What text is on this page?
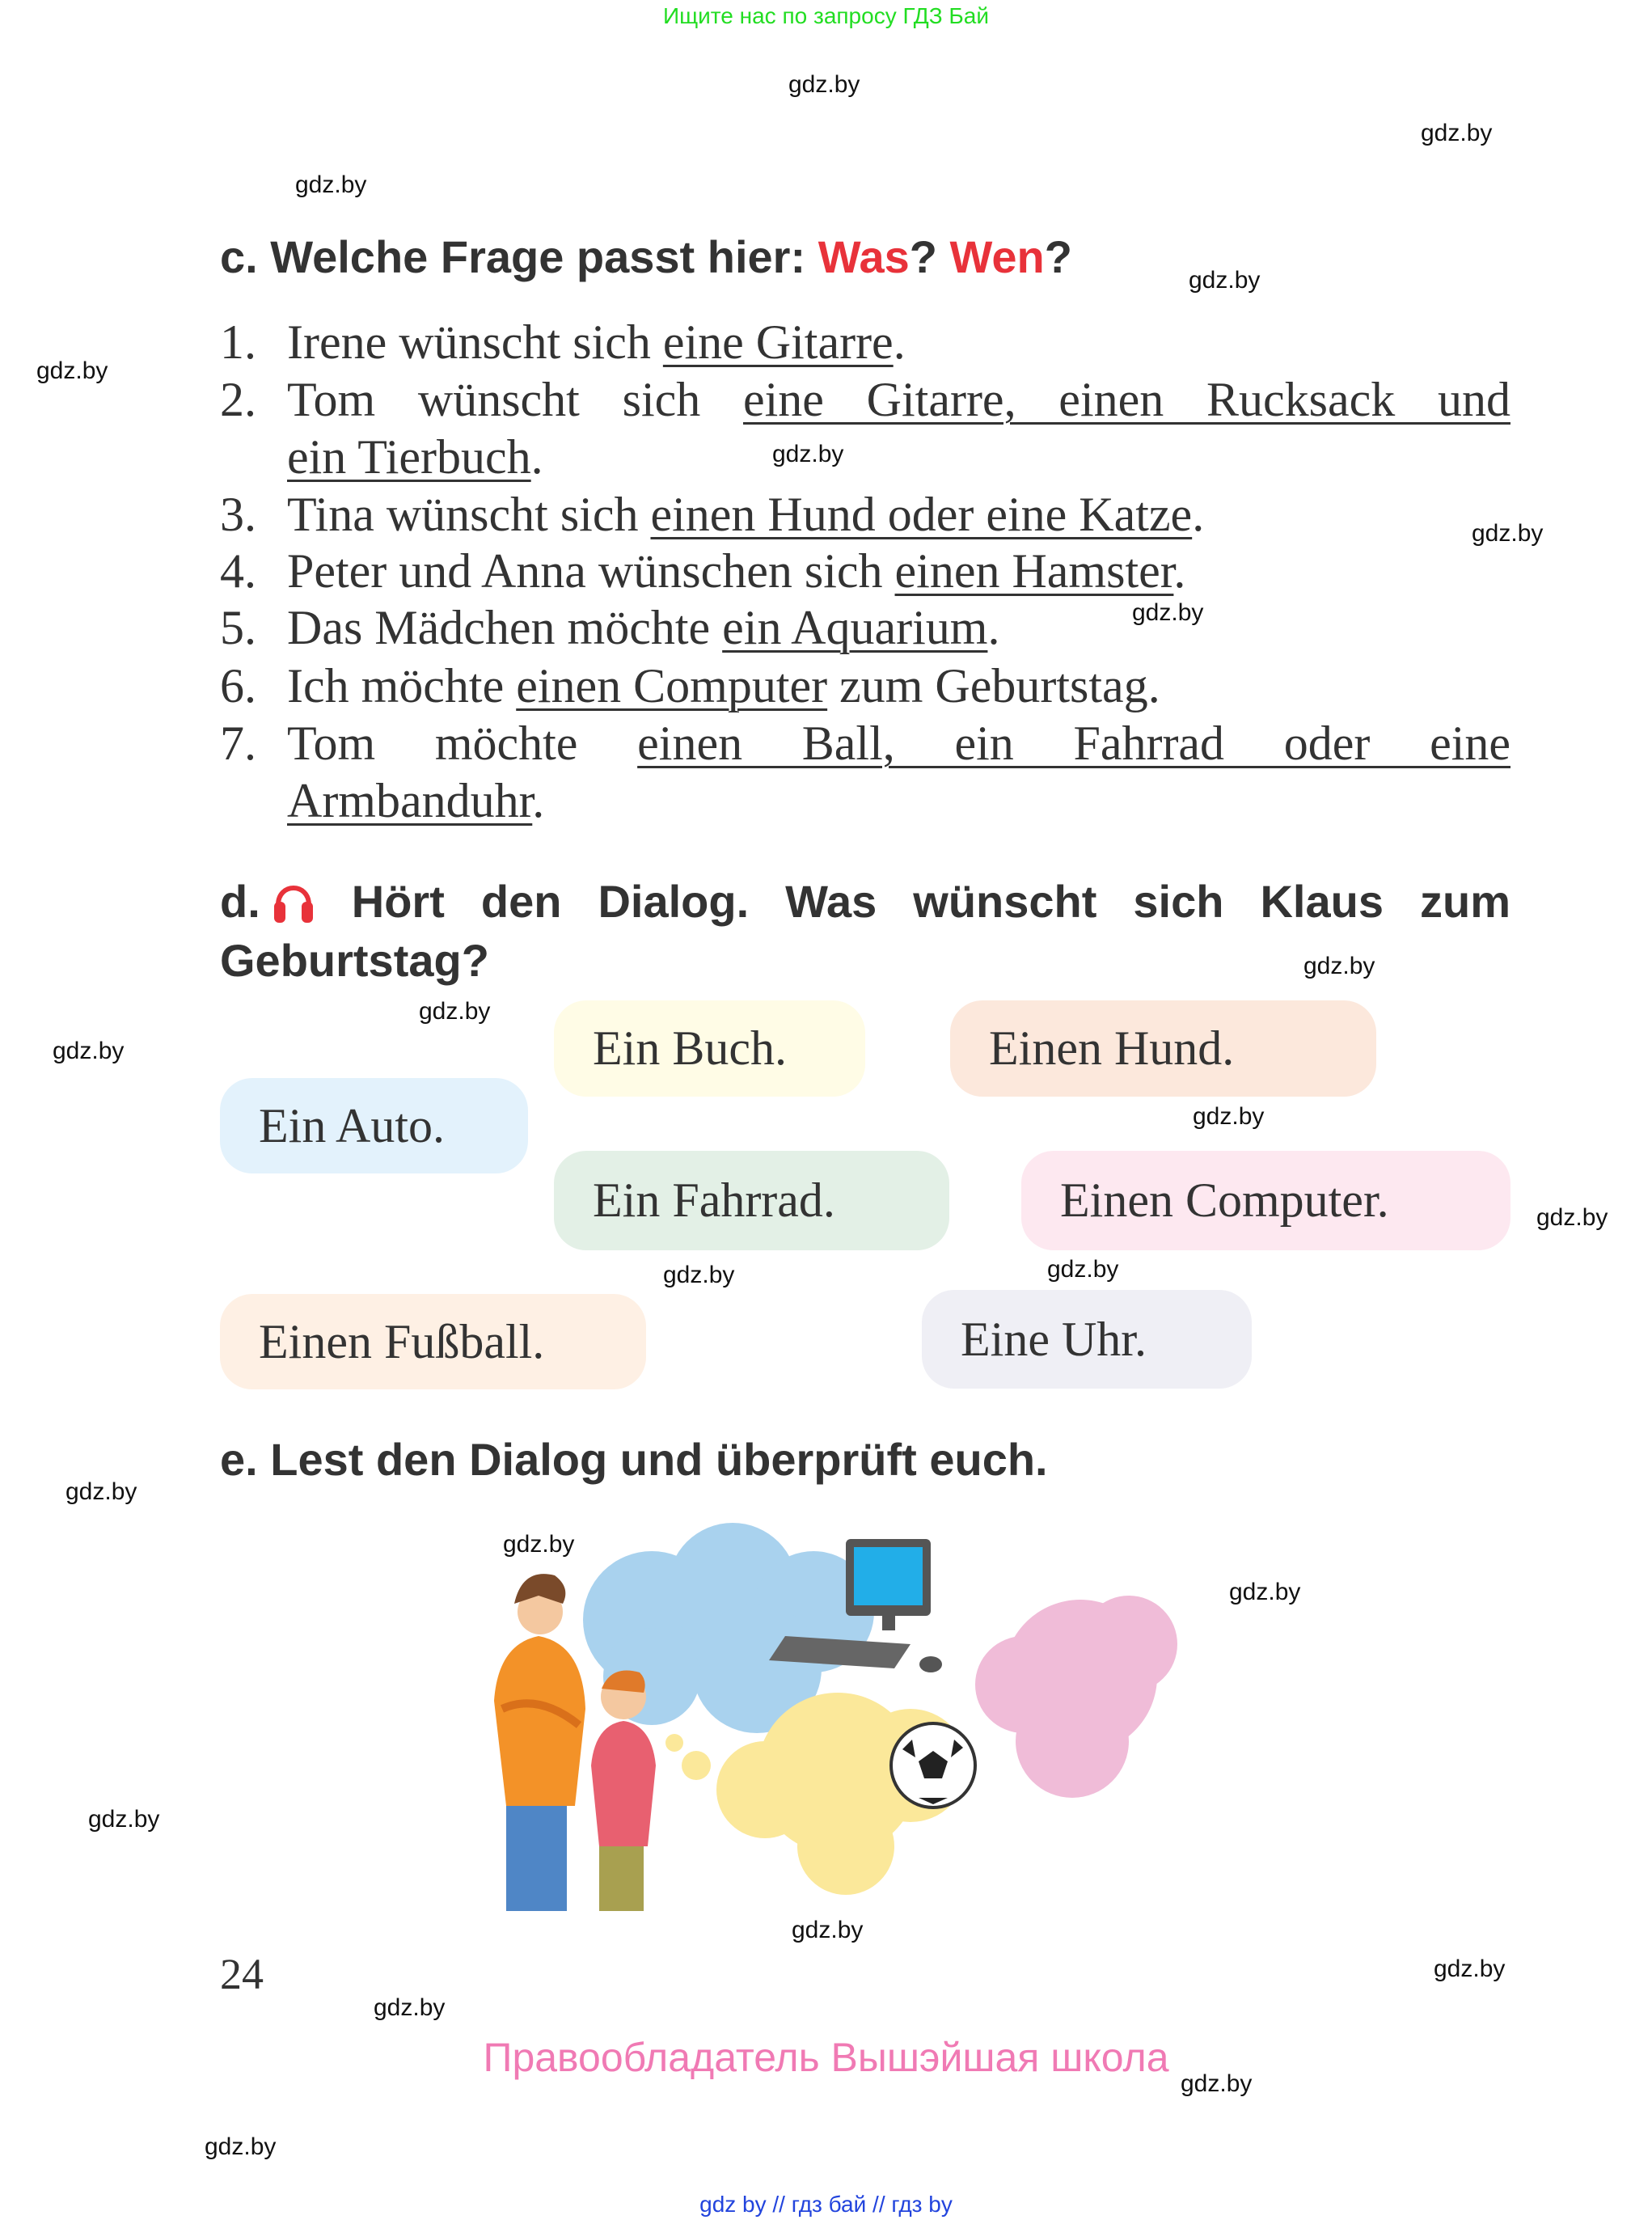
Ищите нас по запросу ГДЗ Бай
c. Welche Frage passt hier: Was? Wen?
1. Irene wünscht sich eine Gitarre.
2. Tom wünscht sich eine Gitarre, einen Rucksack und
ein Tierbuch.
3. Tina wünscht sich einen Hund oder eine Katze.
4. Peter und Anna wünschen sich einen Hamster.
5. Das Mädchen möchte ein Aquarium.
6. Ich möchte einen Computer zum Geburtstag.
7. Tom möchte einen Ball, ein Fahrrad oder eine
Armbanduhr.
d. Hört den Dialog. Was wünscht sich Klaus zum
Geburtstag?
Ein Buch.	Einen Hund.
Ein Auto.
Ein Fahrrad.	Einen Computer.
Einen Fußball.	Eine Uhr.
e. Lest den Dialog und überprüft euch.
24
Правообладатель Вышэйшая школа
gdz by // гдз бай // гдз by
gdz.by
gdz.by
gdz.by
gdz.by
gdz.by
gdz.by
gdz.by
gdz.by
gdz.by
gdz.by
gdz.by
gdz.by
gdz.by
gdz.by
gdz.by
gdz.by
gdz.by
gdz.by
gdz.by
gdz.by
gdz.by
gdz.by
gdz.by
gdz.by
